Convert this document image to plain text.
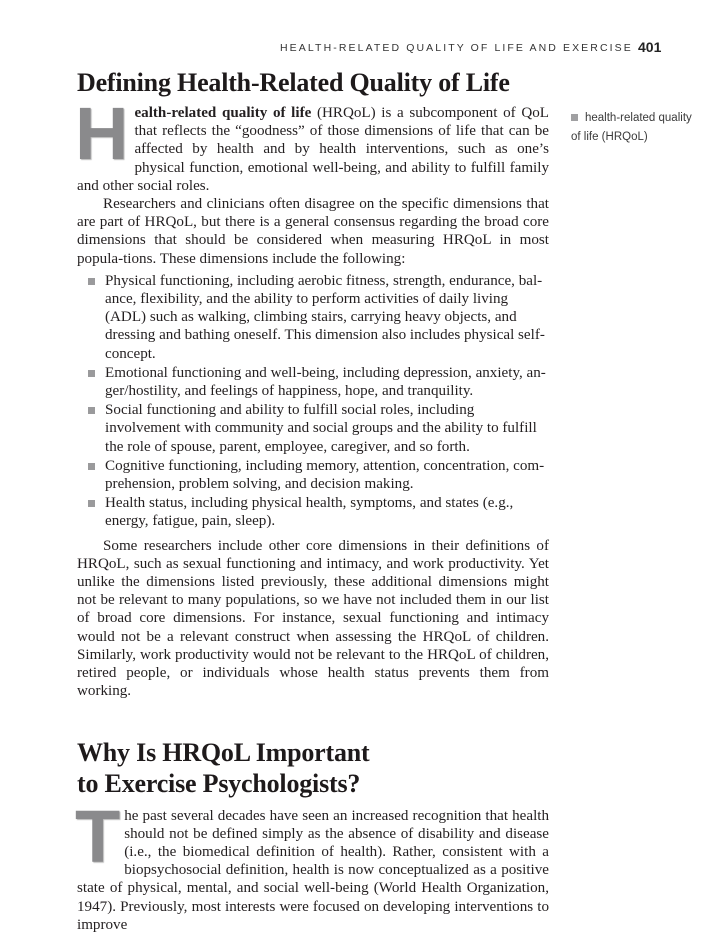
HEALTH-RELATED QUALITY OF LIFE AND EXERCISE 401
health-related quality of life (HRQoL)
Defining Health-Related Quality of Life

Health-related quality of life (HRQoL) is a subcomponent of QoL that reflects the “goodness” of those dimensions of life that can be affected by health and by health interventions, such as one’s physical function, emotional well-being, and ability to fulfill family and other social roles.

Researchers and clinicians often disagree on the specific dimensions that are part of HRQoL, but there is a general consensus regarding the broad core dimensions that should be considered when measuring HRQoL in most popula-tions. These dimensions include the following:

Physical functioning, including aerobic fitness, strength, endurance, bal-ance, flexibility, and the ability to perform activities of daily living (ADL) such as walking, climbing stairs, carrying heavy objects, and dressing and bathing oneself. This dimension also includes physical self-concept.
Emotional functioning and well-being, including depression, anxiety, an-ger/hostility, and feelings of happiness, hope, and tranquility.
Social functioning and ability to fulfill social roles, including involvement with community and social groups and the ability to fulfill the role of spouse, parent, employee, caregiver, and so forth.
Cognitive functioning, including memory, attention, concentration, com-prehension, problem solving, and decision making.
Health status, including physical health, symptoms, and states (e.g., energy, fatigue, pain, sleep).

Some researchers include other core dimensions in their definitions of HRQoL, such as sexual functioning and intimacy, and work productivity. Yet unlike the dimensions listed previously, these additional dimensions might not be relevant to many populations, so we have not included them in our list of broad core dimensions. For instance, sexual functioning and intimacy would not be a relevant construct when assessing the HRQoL of children. Similarly, work productivity would not be relevant to the HRQoL of children, retired people, or individuals whose health status prevents them from working.

Why Is HRQoL Important
to Exercise Psychologists?

The past several decades have seen an increased recognition that health should not be defined simply as the absence of disability and disease (i.e., the biomedical definition of health). Rather, consistent with a biopsychosocial definition, health is now conceptualized as a positive state of physical, mental, and social well-being (World Health Organization, 1947). Previously, most interests were focused on developing interventions to improve
